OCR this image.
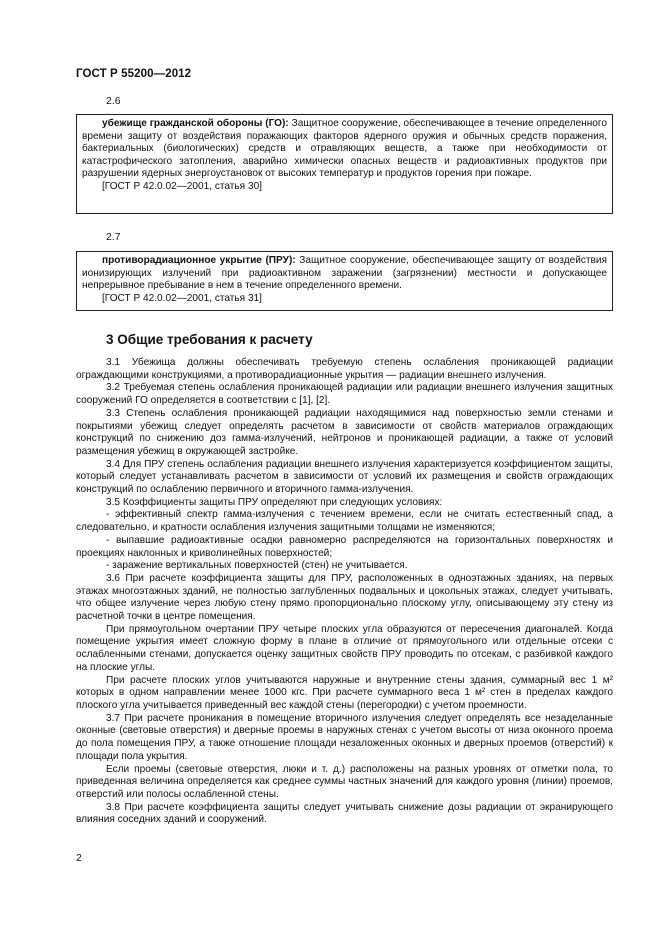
ГОСТ Р 55200—2012
2.6

убежище гражданской обороны (ГО): Защитное сооружение, обеспечивающее в течение определенного времени защиту от воздействия поражающих факторов ядерного оружия и обычных средств поражения, бактериальных (биологических) средств и отравляющих веществ, а также при необходимости от катастрофического затопления, аварийно химически опасных веществ и радиоактивных продуктов при разрушении ядерных энергоустановок от высоких температур и продуктов горения при пожаре.

[ГОСТ Р 42.0.02—2001, статья 30]

2.7

противорадиационное укрытие (ПРУ): Защитное сооружение, обеспечивающее защиту от воздействия ионизирующих излучений при радиоактивном заражении (загрязнении) местности и допускающее непрерывное пребывание в нем в течение определенного времени.

[ГОСТ Р 42.0.02—2001, статья 31]

3 Общие требования к расчету

3.1 Убежища должны обеспечивать требуемую степень ослабления проникающей радиации ограждающими конструкциями, а противорадиационные укрытия — радиации внешнего излучения.

3.2 Требуемая степень ослабления проникающей радиации или радиации внешнего излучения защитных сооружений ГО определяется в соответствии с [1], [2].

3.3 Степень ослабления проникающей радиации находящимися над поверхностью земли стенами и покрытиями убежищ следует определять расчетом в зависимости от свойств материалов ограждающих конструкций по снижению доз гамма-излучений, нейтронов и проникающей радиации, а также от условий размещения убежищ в окружающей застройке.

3.4 Для ПРУ степень ослабления радиации внешнего излучения характеризуется коэффициентом защиты, который следует устанавливать расчетом в зависимости от условий их размещения и свойств ограждающих конструкций по ослаблению первичного и вторичного гамма-излучения.

3.5 Коэффициенты защиты ПРУ определяют при следующих условиях:

- эффективный спектр гамма-излучения с течением времени, если не считать естественный спад, а следовательно, и кратности ослабления излучения защитными толщами не изменяются;

- выпавшие радиоактивные осадки равномерно распределяются на горизонтальных поверхностях и проекциях наклонных и криволинейных поверхностей;

- заражение вертикальных поверхностей (стен) не учитывается.

3.6 При расчете коэффициента защиты для ПРУ, расположенных в одноэтажных зданиях, на первых этажах многоэтажных зданий, не полностью заглубленных подвальных и цокольных этажах, следует учитывать, что общее излучение через любую стену прямо пропорционально плоскому углу, описывающему эту стену из расчетной точки в центре помещения.

При прямоугольном очертании ПРУ четыре плоских угла образуются от пересечения диагоналей. Когда помещение укрытия имеет сложную форму в плане в отличие от прямоугольного или отдельные отсеки с ослабленными стенами, допускается оценку защитных свойств ПРУ проводить по отсекам, с разбивкой каждого на плоские углы.

При расчете плоских углов учитываются наружные и внутренние стены здания, суммарный вес 1 м² которых в одном направлении менее 1000 кгс. При расчете суммарного веса 1 м² стен в пределах каждого плоского угла учитывается приведенный вес каждой стены (перегородки) с учетом проемности.

3.7 При расчете проникания в помещение вторичного излучения следует определять все незаделанные оконные (световые отверстия) и дверные проемы в наружных стенах с учетом высоты от низа оконного проема до пола помещения ПРУ, а также отношение площади незаложенных оконных и дверных проемов (отверстий) к площади пола укрытия.

Если проемы (световые отверстия, люки и т. д.) расположены на разных уровнях от отметки пола, то приведенная величина определяется как среднее суммы частных значений для каждого уровня (линии) проемов, отверстий или полосы ослабленной стены.

3.8 При расчете коэффициента защиты следует учитывать снижение дозы радиации от экранирующего влияния соседних зданий и сооружений.

2
